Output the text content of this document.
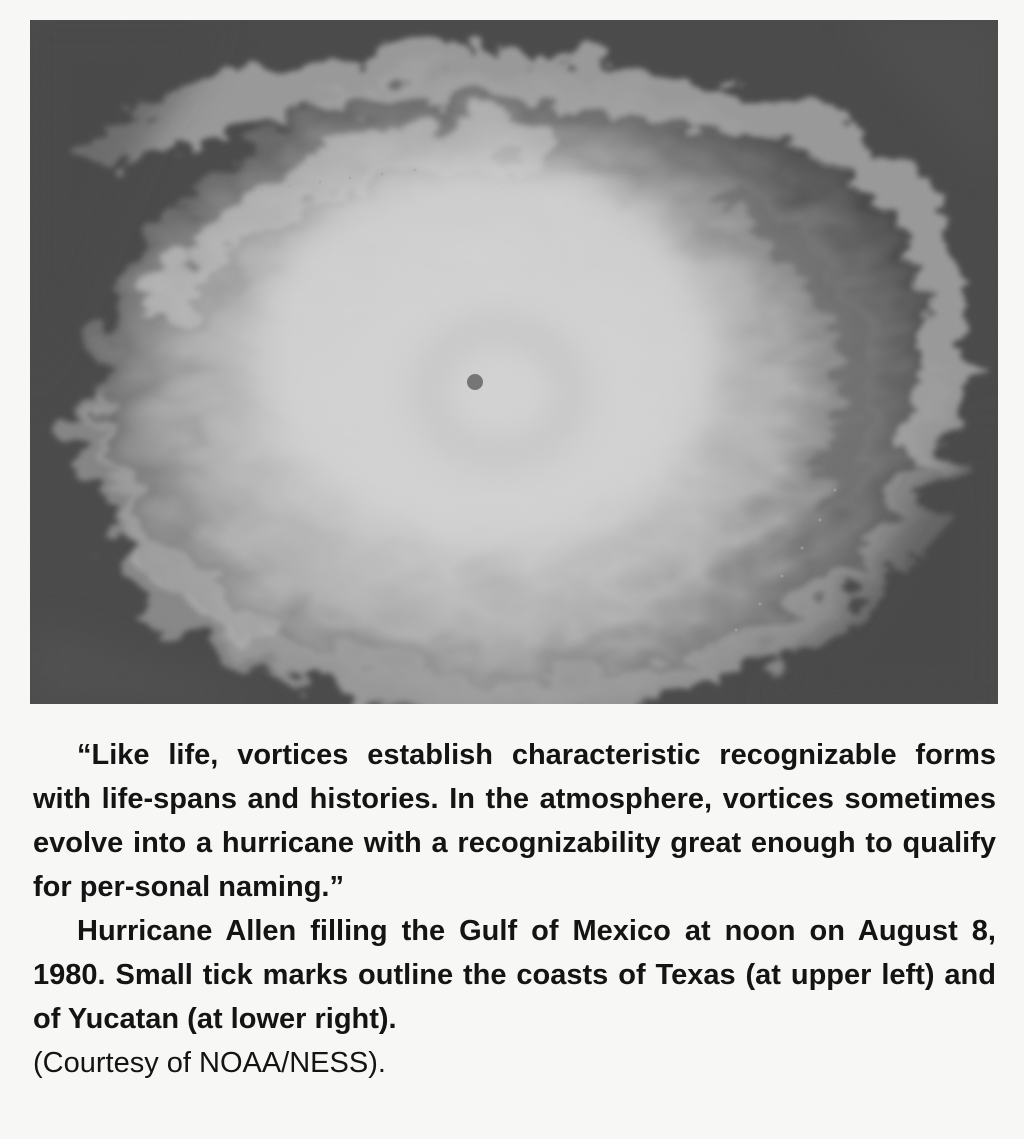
“Like life, vortices establish characteristic recognizable forms with life-spans and histories. In the atmosphere, vortices sometimes evolve into a hurricane with a recognizability great enough to qualify for per-sonal naming.”

Hurricane Allen filling the Gulf of Mexico at noon on August 8, 1980. Small tick marks outline the coasts of Texas (at upper left) and of Yucatan (at lower right).
(Courtesy of NOAA/NESS).
